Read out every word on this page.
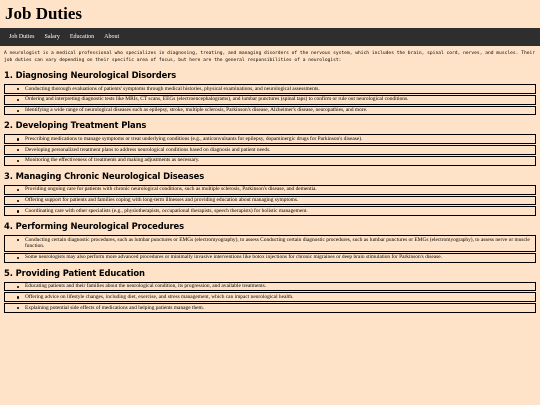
Job Duties
Job Duties Salary Education About

A neurologist is a medical professional who specializes in diagnosing, treating, and managing disorders of the nervous system, which includes the brain, spinal cord, nerves, and muscles. Their job duties can vary depending on their specific area of focus, but here are the general responsibilities of a neurologist:

1. Diagnosing Neurological Disorders
Conducting thorough evaluations of patients' symptoms through medical histories, physical examinations, and neurological assessments.
Ordering and interpreting diagnostic tests like MRIs, CT scans, EEGs (electroencephalograms), and lumbar punctures (spinal taps) to confirm or rule out neurological conditions.
Identifying a wide range of neurological diseases such as epilepsy, stroke, multiple sclerosis, Parkinson's disease, Alzheimer's disease, neuropathies, and more.
2. Developing Treatment Plans
Prescribing medications to manage symptoms or treat underlying conditions (e.g., anticonvulsants for epilepsy, dopaminergic drugs for Parkinson's disease).
Developing personalized treatment plans to address neurological conditions based on diagnosis and patient needs.
Monitoring the effectiveness of treatments and making adjustments as necessary.
3. Managing Chronic Neurological Diseases
Providing ongoing care for patients with chronic neurological conditions, such as multiple sclerosis, Parkinson's disease, and dementia.
Offering support for patients and families coping with long-term illnesses and providing education about managing symptoms.
Coordinating care with other specialists (e.g., physiotherapists, occupational therapists, speech therapists) for holistic management.
4. Performing Neurological Procedures
Conducting certain diagnostic procedures, such as lumbar punctures or EMGs (electromyography), to assess Conducting certain diagnostic procedures, such as lumbar punctures or EMGs (electromyography), to assess nerve or muscle function.
Some neurologists may also perform more advanced procedures or minimally invasive interventions like botox injections for chronic migraines or deep brain stimulation for Parkinson's disease.
5. Providing Patient Education
Educating patients and their families about the neurological condition, its progression, and available treatments.
Offering advice on lifestyle changes, including diet, exercise, and stress management, which can impact neurological health.
Explaining potential side effects of medications and helping patients manage them.
